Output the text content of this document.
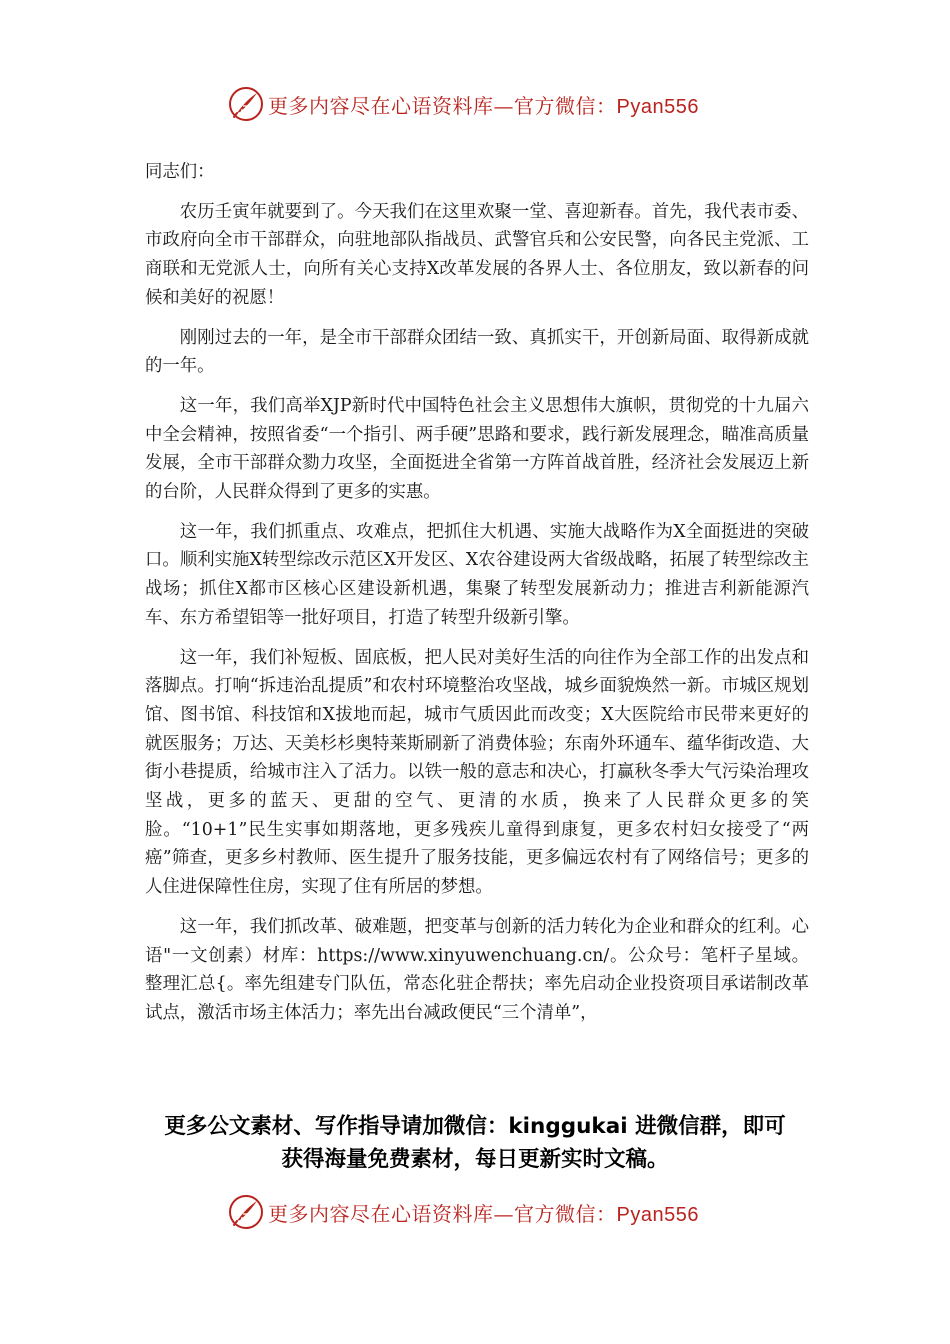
更多内容尽在心语资料库—官方微信：Pyan556

同志们：

农历壬寅年就要到了。今天我们在这里欢聚一堂、喜迎新春。首先，我代表市委、市政府向全市干部群众，向驻地部队指战员、武警官兵和公安民警，向各民主党派、工商联和无党派人士，向所有关心支持X改革发展的各界人士、各位朋友，致以新春的问候和美好的祝愿！

刚刚过去的一年，是全市干部群众团结一致、真抓实干，开创新局面、取得新成就的一年。

这一年，我们高举XJP新时代中国特色社会主义思想伟大旗帜，贯彻党的十九届六中全会精神，按照省委“一个指引、两手硬”思路和要求，践行新发展理念，瞄准高质量发展，全市干部群众勠力攻坚，全面挺进全省第一方阵首战首胜，经济社会发展迈上新的台阶，人民群众得到了更多的实惠。

这一年，我们抓重点、攻难点，把抓住大机遇、实施大战略作为X全面挺进的突破口。顺利实施X转型综改示范区X开发区、X农谷建设两大省级战略，拓展了转型综改主战场；抓住X都市区核心区建设新机遇，集聚了转型发展新动力；推进吉利新能源汽车、东方希望铝等一批好项目，打造了转型升级新引擎。

这一年，我们补短板、固底板，把人民对美好生活的向往作为全部工作的出发点和落脚点。打响“拆违治乱提质”和农村环境整治攻坚战，城乡面貌焕然一新。市城区规划馆、图书馆、科技馆和X拔地而起，城市气质因此而改变；X大医院给市民带来更好的就医服务；万达、天美杉杉奥特莱斯刷新了消费体验；东南外环通车、蕴华街改造、大街小巷提质，给城市注入了活力。以铁一般的意志和决心，打赢秋冬季大气污染治理攻坚战，更多的蓝天、更甜的空气、更清的水质，换来了人民群众更多的笑脸。“10+1”民生实事如期落地，更多残疾儿童得到康复，更多农村妇女接受了“两癌”筛查，更多乡村教师、医生提升了服务技能，更多偏远农村有了网络信号；更多的人住进保障性住房，实现了住有所居的梦想。

这一年，我们抓改革、破难题，把变革与创新的活力转化为企业和群众的红利。心语"一文创素）材库：https://www.xinyuwenchuang.cn/。公众号：笔杆子星域。整理汇总{。率先组建专门队伍，常态化驻企帮扶；率先启动企业投资项目承诺制改革试点，激活市场主体活力；率先出台减政便民“三个清单”，

更多公文素材、写作指导请加微信：kinggukai 进微信群，即可
获得海量免费素材，每日更新实时文稿。
更多内容尽在心语资料库—官方微信：Pyan556
